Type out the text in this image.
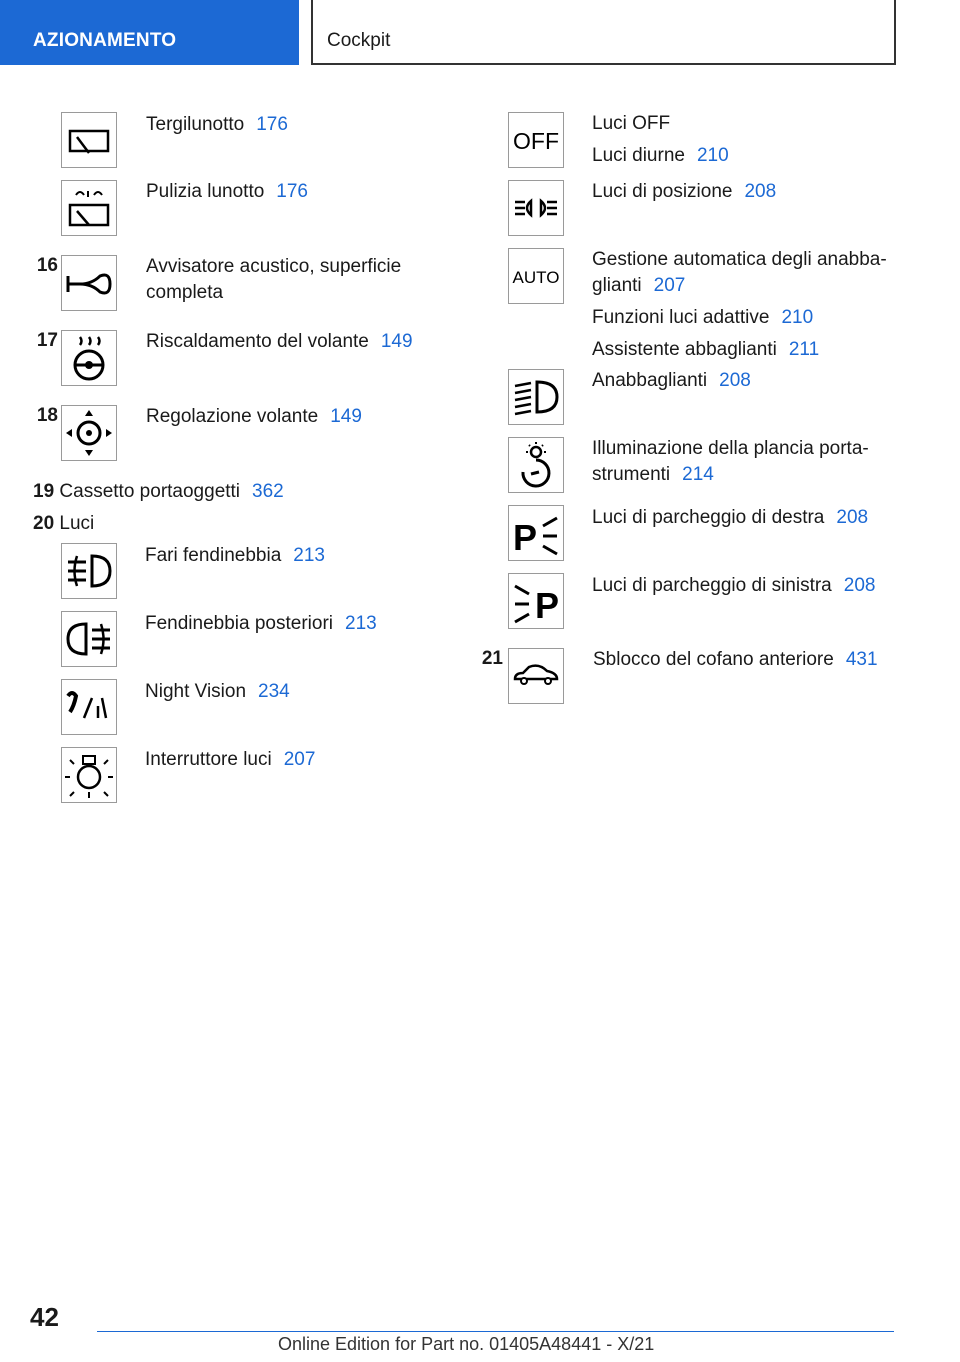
AZIONAMENTO	Cockpit
Tergilunotto 176
Pulizia lunotto 176
16	Avvisatore acustico, superficie
completa
17	Riscaldamento del volante 149
18	Regolazione volante 149
19 Cassetto portaoggetti 362
20 Luci
Fari fendinebbia 213
Fendinebbia posteriori 213
Night Vision 234
Interruttore luci 207
OFF
Luci OFF
Luci diurne 210
Luci di posizione 208
AUTO
Gestione automatica degli anabba-
glianti 207
Funzioni luci adattive 210
Assistente abbaglianti 211
Anabbaglianti 208
Illuminazione della plancia porta-
strumenti 214
P	Luci di parcheggio di destra 208
P Luci di parcheggio di sinistra 208
21	Sblocco del cofano anteriore 431
42
Online Edition for Part no. 01405A48441 - X/21
